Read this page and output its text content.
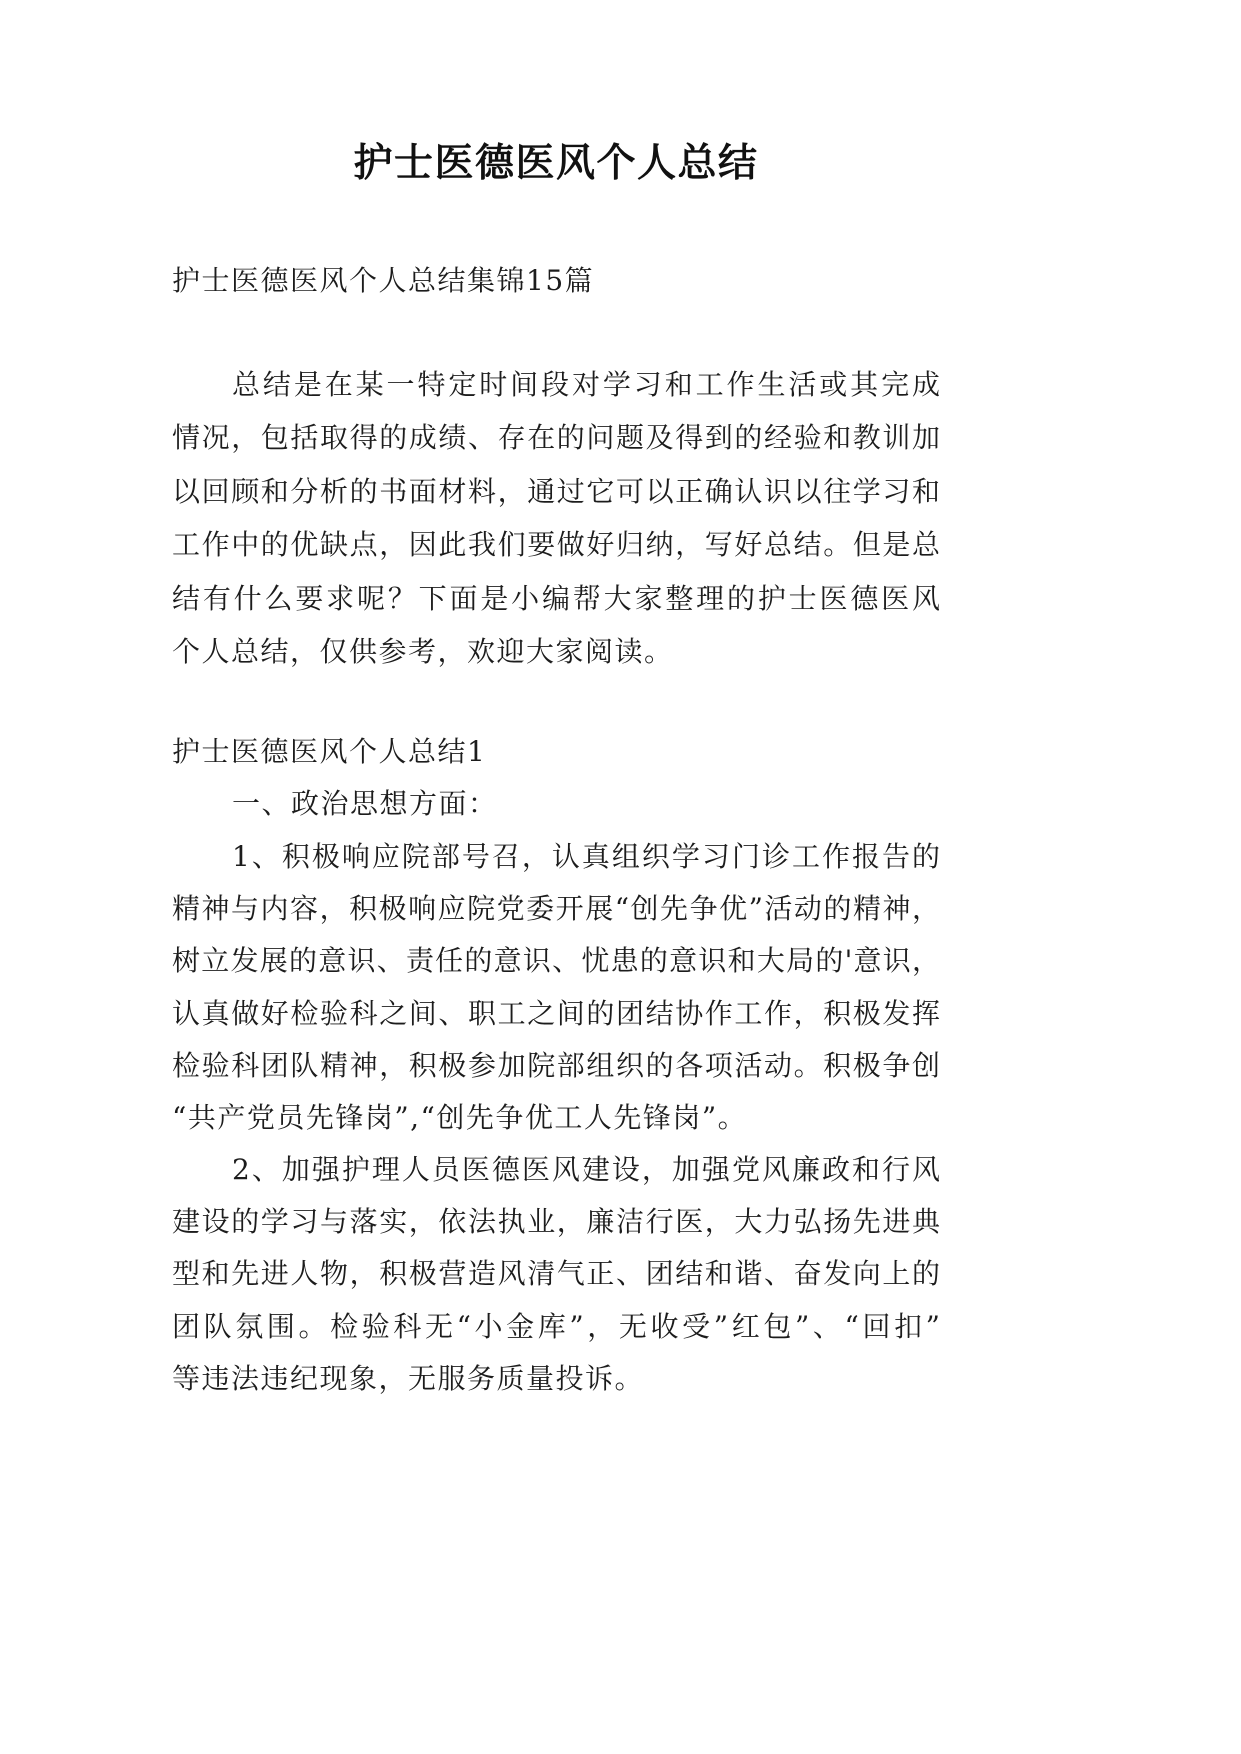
护士医德医风个人总结
护士医德医风个人总结集锦15篇
总结是在某一特定时间段对学习和工作生活或其完成
情况，包括取得的成绩、存在的问题及得到的经验和教训加
以回顾和分析的书面材料，通过它可以正确认识以往学习和
工作中的优缺点，因此我们要做好归纳，写好总结。但是总
结有什么要求呢？下面是小编帮大家整理的护士医德医风
个人总结，仅供参考，欢迎大家阅读。
护士医德医风个人总结1
一、政治思想方面：
1、积极响应院部号召，认真组织学习门诊工作报告的
精神与内容，积极响应院党委开展“创先争优”活动的精神，
树立发展的意识、责任的意识、忧患的意识和大局的'意识，
认真做好检验科之间、职工之间的团结协作工作，积极发挥
检验科团队精神，积极参加院部组织的各项活动。积极争创
“共产党员先锋岗”,“创先争优工人先锋岗”。
2、加强护理人员医德医风建设，加强党风廉政和行风
建设的学习与落实，依法执业，廉洁行医，大力弘扬先进典
型和先进人物，积极营造风清气正、团结和谐、奋发向上的
团队氛围。检验科无“小金库”，无收受”红包”、“回扣”
等违法违纪现象，无服务质量投诉。
